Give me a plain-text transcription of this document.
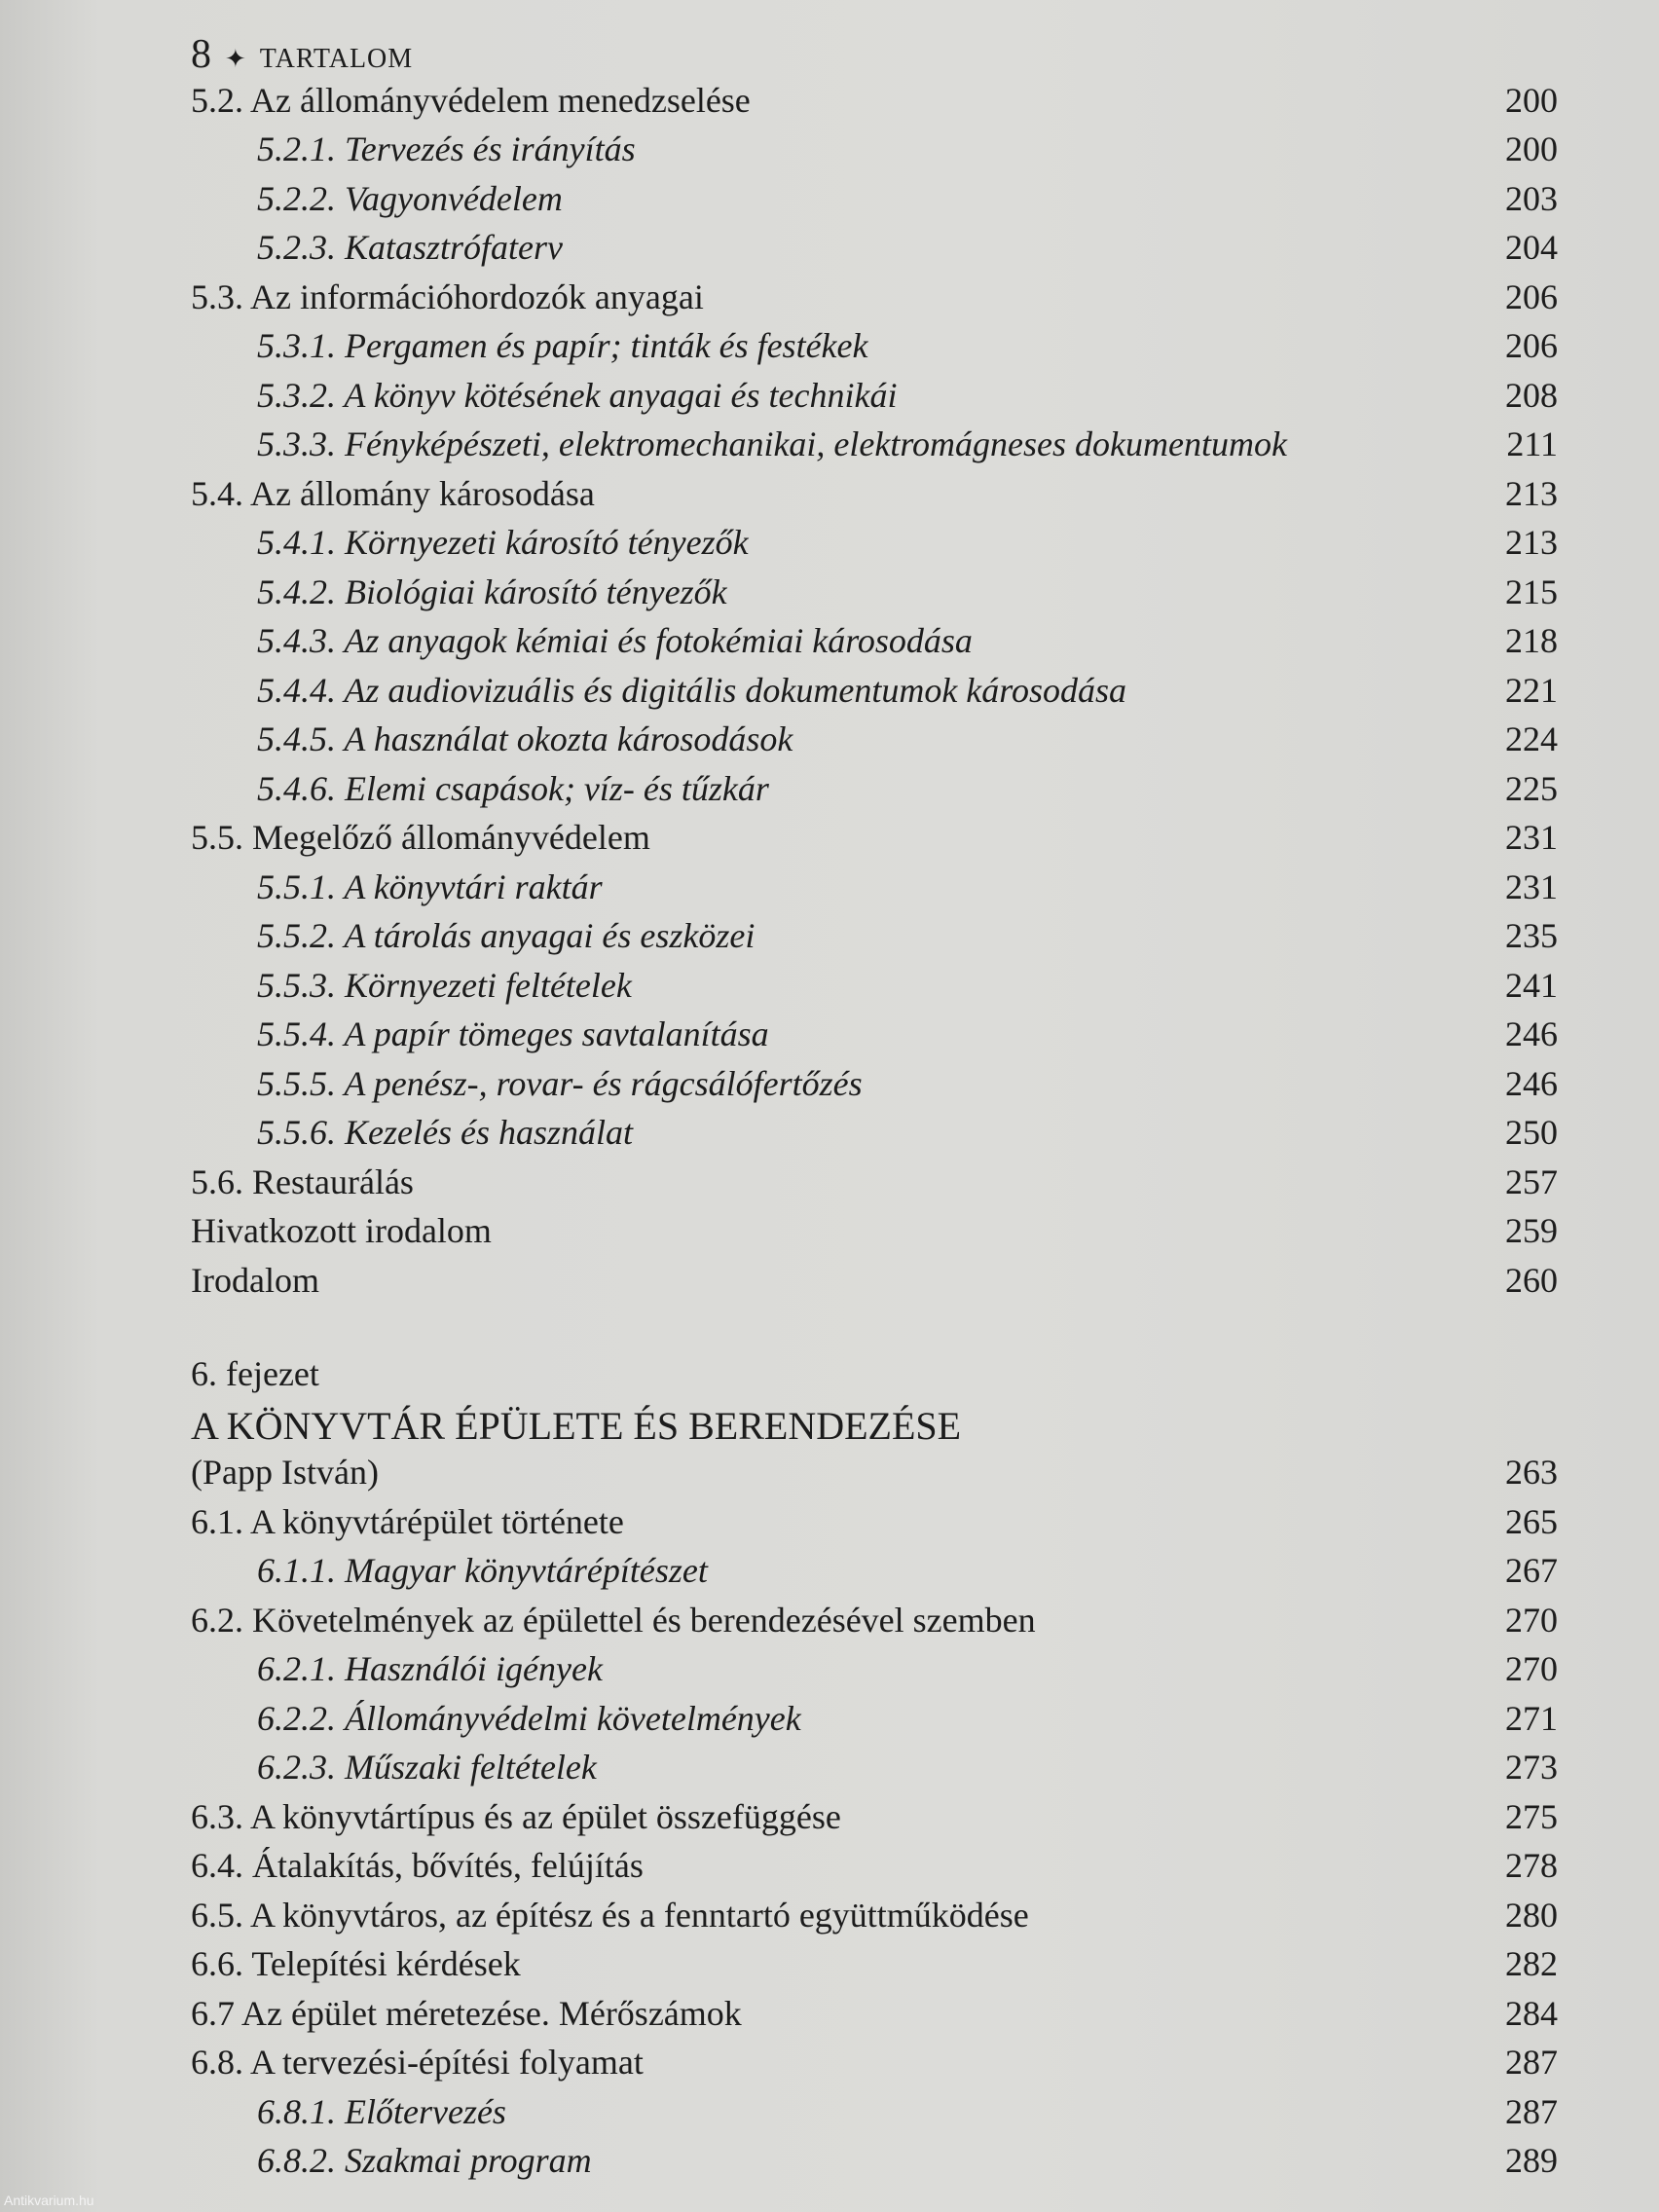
8 ✦ TARTALOM
5.2. Az állományvédelem menedzselése	200
5.2.1. Tervezés és irányítás	200
5.2.2. Vagyonvédelem	203
5.2.3. Katasztrófaterv	204
5.3. Az információhordozók anyagai	206
5.3.1. Pergamen és papír; tinták és festékek	206
5.3.2. A könyv kötésének anyagai és technikái	208
5.3.3. Fényképészeti, elektromechanikai, elektromágneses dokumentumok	211
5.4. Az állomány károsodása	213
5.4.1. Környezeti károsító tényezők	213
5.4.2. Biológiai károsító tényezők	215
5.4.3. Az anyagok kémiai és fotokémiai károsodása	218
5.4.4. Az audiovizuális és digitális dokumentumok károsodása	221
5.4.5. A használat okozta károsodások	224
5.4.6. Elemi csapások; víz- és tűzkár	225
5.5. Megelőző állományvédelem	231
5.5.1. A könyvtári raktár	231
5.5.2. A tárolás anyagai és eszközei	235
5.5.3. Környezeti feltételek	241
5.5.4. A papír tömeges savtalanítása	246
5.5.5. A penész-, rovar- és rágcsálófertőzés	246
5.5.6. Kezelés és használat	250
5.6. Restaurálás	257
Hivatkozott irodalom	259
Irodalom	260
6. fejezet
A KÖNYVTÁR ÉPÜLETE ÉS BERENDEZÉSE
(Papp István)	263
6.1. A könyvtárépület története	265
6.1.1. Magyar könyvtárépítészet	267
6.2. Követelmények az épülettel és berendezésével szemben	270
6.2.1. Használói igények	270
6.2.2. Állományvédelmi követelmények	271
6.2.3. Műszaki feltételek	273
6.3. A könyvtártípus és az épület összefüggése	275
6.4. Átalakítás, bővítés, felújítás	278
6.5. A könyvtáros, az építész és a fenntartó együttműködése	280
6.6. Telepítési kérdések	282
6.7 Az épület méretezése. Mérőszámok	284
6.8. A tervezési-építési folyamat	287
6.8.1. Előtervezés	287
6.8.2. Szakmai program	289
Antikvarium.hu
